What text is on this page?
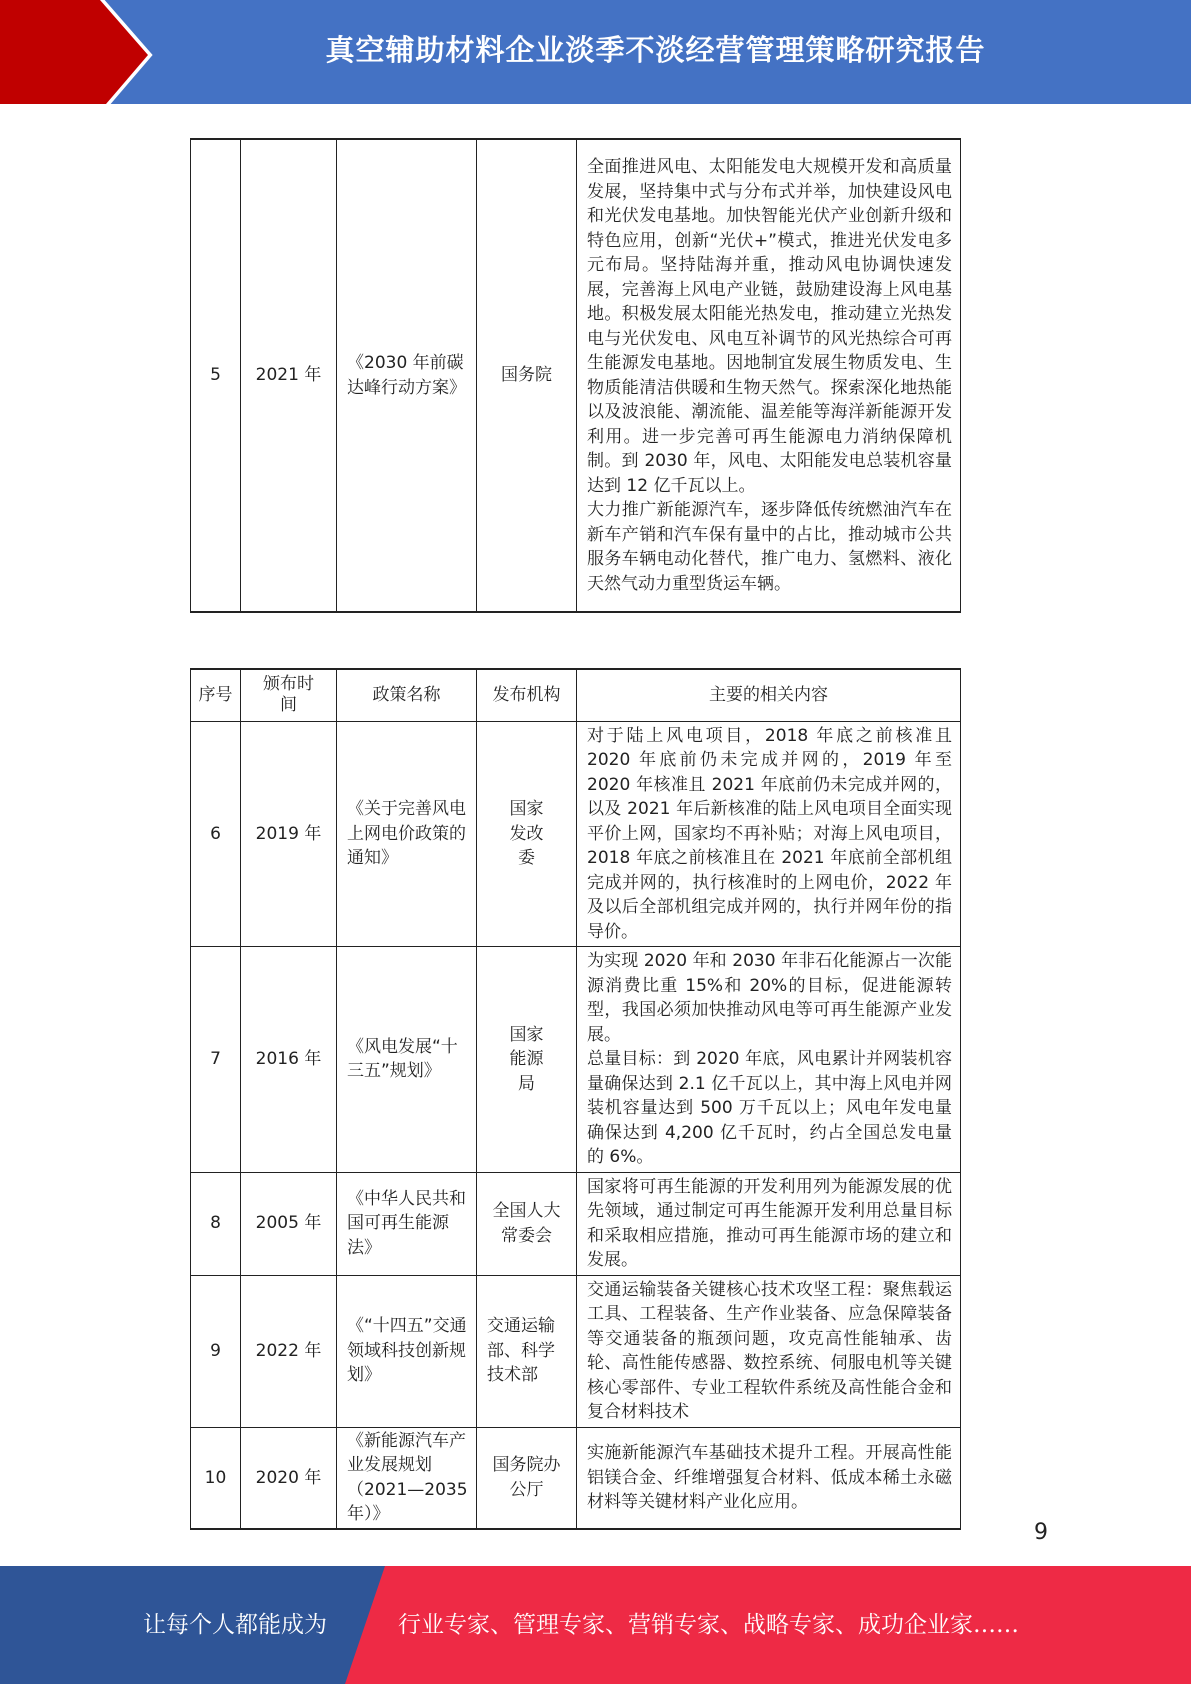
真空辅助材料企业淡季不淡经营管理策略研究报告
5	2021 年	《2030 年前碳达峰行动方案》	国务院	
全面推进风电、太阳能发电大规模开发和高质量发展，坚持集中式与分布式并举，加快建设风电和光伏发电基地。加快智能光伏产业创新升级和特色应用，创新“光伏+”模式，推进光伏发电多元布局。坚持陆海并重，推动风电协调快速发展，完善海上风电产业链，鼓励建设海上风电基地。积极发展太阳能光热发电，推动建立光热发电与光伏发电、风电互补调节的风光热综合可再生能源发电基地。因地制宜发展生物质发电、生物质能清洁供暖和生物天然气。探索深化地热能以及波浪能、潮流能、温差能等海洋新能源开发利用。进一步完善可再生能源电力消纳保障机制。到 2030 年，风电、太阳能发电总装机容量达到 12 亿千瓦以上。
大力推广新能源汽车，逐步降低传统燃油汽车在新车产销和汽车保有量中的占比，推动城市公共服务车辆电动化替代，推广电力、氢燃料、液化天然气动力重型货运车辆。
序号	颁布时间	政策名称	发布机构	主要的相关内容
6	2019 年	《关于完善风电上网电价政策的通知》	国家发改委	对于陆上风电项目，2018 年底之前核准且 2020 年底前仍未完成并网的，2019 年至 2020 年核准且 2021 年底前仍未完成并网的，以及 2021 年后新核准的陆上风电项目全面实现平价上网，国家均不再补贴；对海上风电项目，2018 年底之前核准且在 2021 年底前全部机组完成并网的，执行核准时的上网电价，2022 年及以后全部机组完成并网的，执行并网年份的指导价。

7	2016 年	《风电发展“十三五”规划》	国家能源局	为实现 2020 年和 2030 年非石化能源占一次能源消费比重 15%和 20%的目标，促进能源转型，我国必须加快推动风电等可再生能源产业发展。
总量目标：到 2020 年底，风电累计并网装机容量确保达到 2.1 亿千瓦以上，其中海上风电并网装机容量达到 500 万千瓦以上；风电年发电量确保达到 4,200 亿千瓦时，约占全国总发电量的 6%。

8	2005 年	《中华人民共和国可再生能源法》	全国人大常委会	国家将可再生能源的开发利用列为能源发展的优先领域，通过制定可再生能源开发利用总量目标和采取相应措施，推动可再生能源市场的建立和发展。

9	2022 年	《“十四五”交通领域科技创新规划》	交通运输部、科学技术部	交通运输装备关键核心技术攻坚工程：聚焦载运工具、工程装备、生产作业装备、应急保障装备等交通装备的瓶颈问题，攻克高性能轴承、齿轮、高性能传感器、数控系统、伺服电机等关键核心零部件、专业工程软件系统及高性能合金和复合材料技术

10	2020 年	《新能源汽车产业发展规划（2021—2035 年）》	国务院办公厅	实施新能源汽车基础技术提升工程。开展高性能铝镁合金、纤维增强复合材料、低成本稀土永磁材料等关键材料产业化应用。
9
让每个人都能成为	行业专家、管理专家、营销专家、战略专家、成功企业家……
